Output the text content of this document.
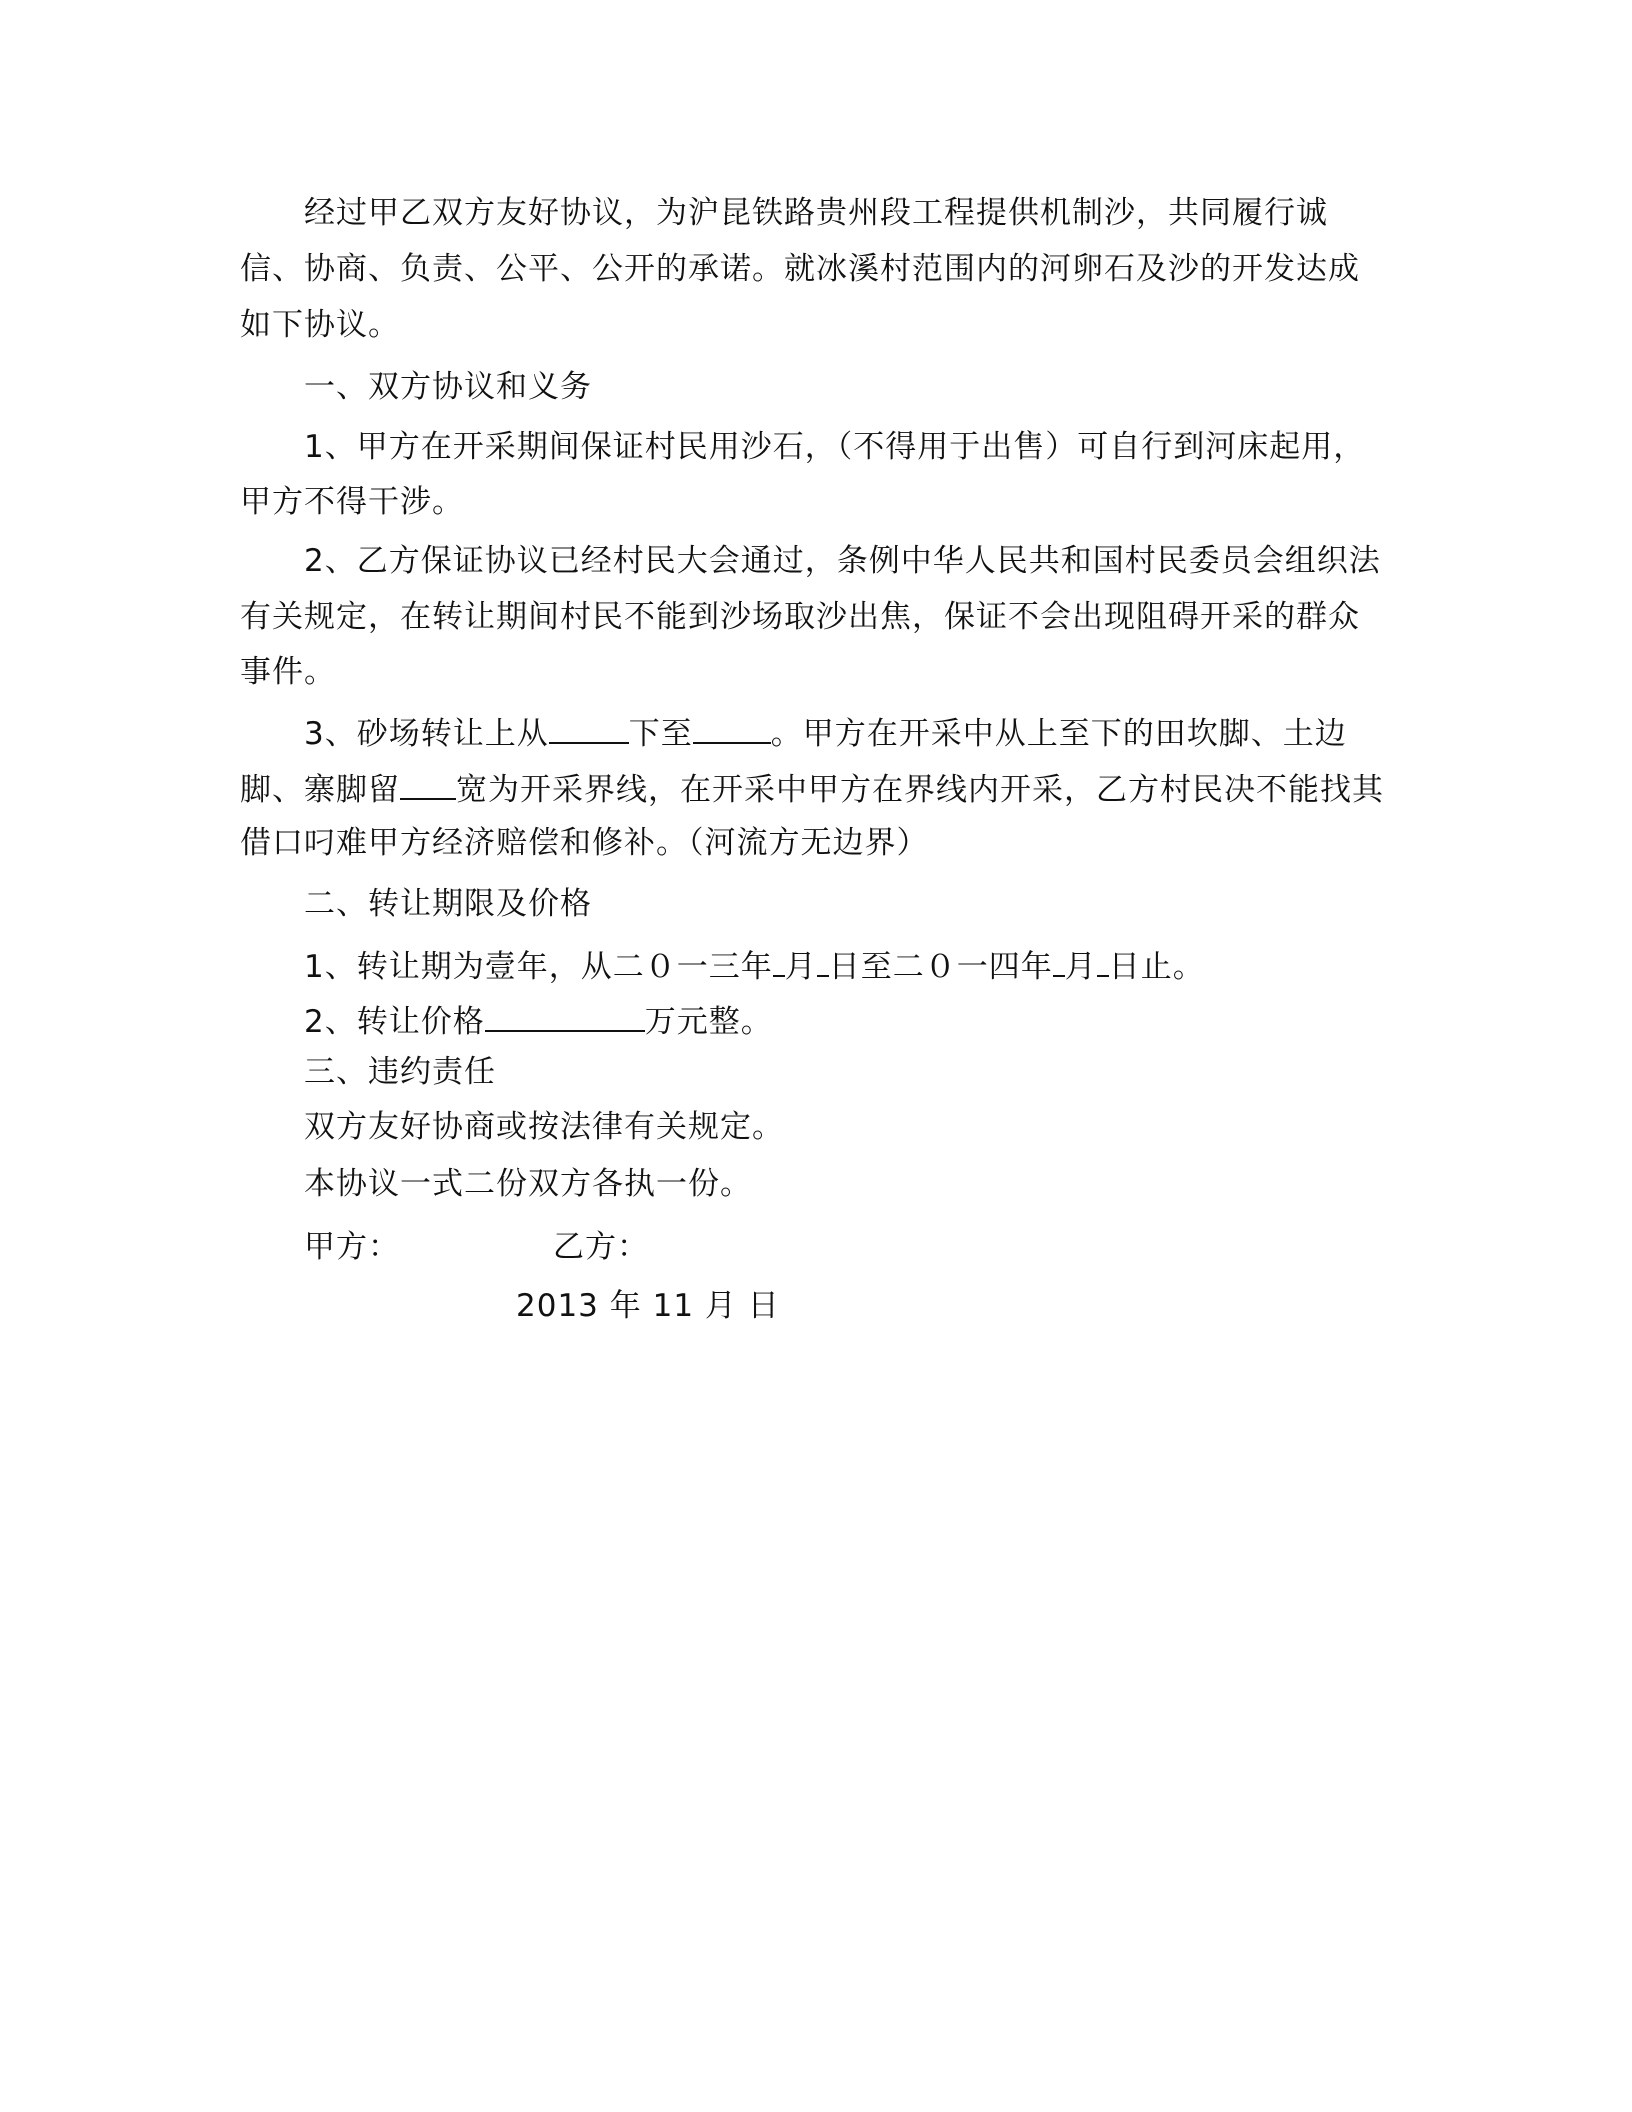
经过甲乙双方友好协议，为沪昆铁路贵州段工程提供机制沙，共同履行诚
信、协商、负责、公平、公开的承诺。就冰溪村范围内的河卵石及沙的开发达成
如下协议。
一、双方协议和义务
1、甲方在开采期间保证村民用沙石，（不得用于出售）可自行到河床起用，
甲方不得干涉。
2、乙方保证协议已经村民大会通过，条例中华人民共和国村民委员会组织法
有关规定，在转让期间村民不能到沙场取沙出焦，保证不会出现阻碍开采的群众
事件。
3、砂场转让上从	下至	。甲方在开采中从上至下的田坎脚、土边
脚、寨脚留 宽为开采界线，在开采中甲方在界线内开采，乙方村民决不能找其
借口叼难甲方经济赔偿和修补。（河流方无边界）
二、转让期限及价格
1、转让期为壹年，从二０一三年 月 日至二０一四年 月 日止。
2、转让价格	万元整。
三、违约责任
双方友好协商或按法律有关规定。
本协议一式二份双方各执一份。
甲方：	乙方：
2013 年 11 月 日
